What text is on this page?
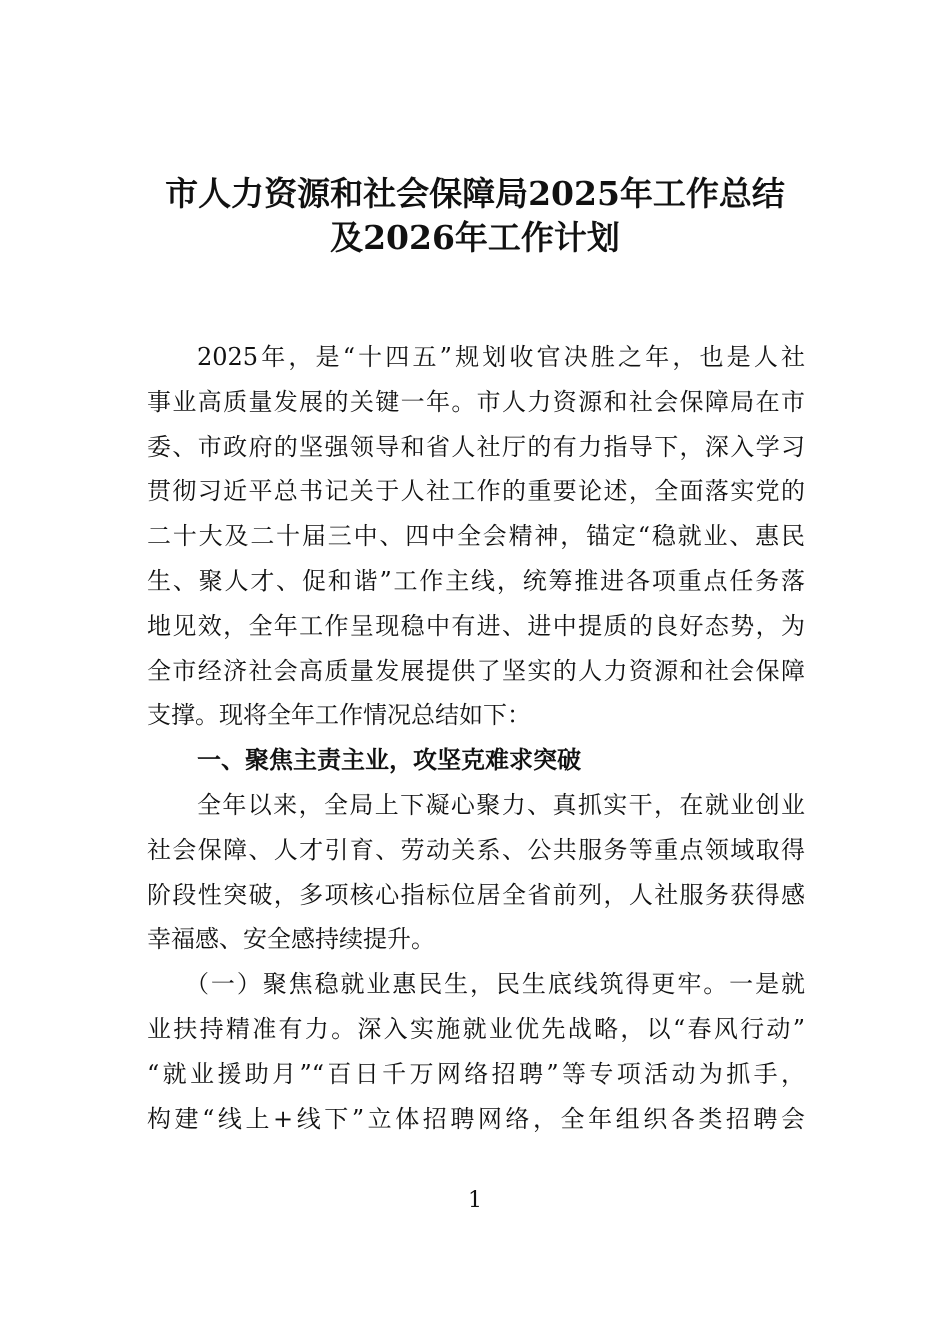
市人力资源和社会保障局2025年工作总结
及2026年工作计划
2025年，是“十四五”规划收官决胜之年，也是人社
事业高质量发展的关键一年。市人力资源和社会保障局在市
委、市政府的坚强领导和省人社厅的有力指导下，深入学习
贯彻习近平总书记关于人社工作的重要论述，全面落实党的
二十大及二十届三中、四中全会精神，锚定“稳就业、惠民
生、聚人才、促和谐”工作主线，统筹推进各项重点任务落
地见效，全年工作呈现稳中有进、进中提质的良好态势，为
全市经济社会高质量发展提供了坚实的人力资源和社会保障
支撑。现将全年工作情况总结如下：
一、聚焦主责主业，攻坚克难求突破
全年以来，全局上下凝心聚力、真抓实干，在就业创业
社会保障、人才引育、劳动关系、公共服务等重点领域取得
阶段性突破，多项核心指标位居全省前列，人社服务获得感
幸福感、安全感持续提升。
（一）聚焦稳就业惠民生，民生底线筑得更牢。一是就
业扶持精准有力。深入实施就业优先战略，以“春风行动”
“就业援助月”“百日千万网络招聘”等专项活动为抓手，
构建“线上+线下”立体招聘网络，全年组织各类招聘会
1
